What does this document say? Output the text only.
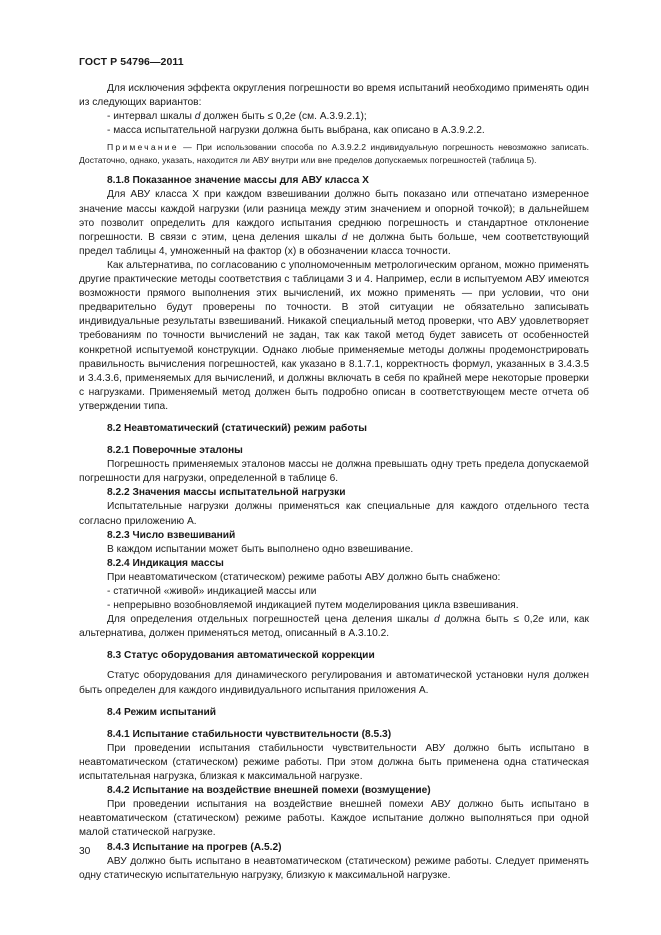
ГОСТ Р 54796—2011

Для исключения эффекта округления погрешности во время испытаний необходимо применять один из следующих вариантов:

- интервал шкалы d должен быть ≤ 0,2e (см. А.3.9.2.1);

- масса испытательной нагрузки должна быть выбрана, как описано в А.3.9.2.2.

Примечание — При использовании способа по А.3.9.2.2 индивидуальную погрешность невозможно записать. Достаточно, однако, указать, находится ли АВУ внутри или вне пределов допускаемых погрешностей (таблица 5).

8.1.8 Показанное значение массы для АВУ класса X

Для АВУ класса X при каждом взвешивании должно быть показано или отпечатано измеренное значение массы каждой нагрузки (или разница между этим значением и опорной точкой); в дальнейшем это позволит определить для каждого испытания среднюю погрешность и стандартное отклонение погрешности. В связи с этим, цена деления шкалы d не должна быть больше, чем соответствующий предел таблицы 4, умноженный на фактор (x) в обозначении класса точности.

Как альтернатива, по согласованию с уполномоченным метрологическим органом, можно применять другие практические методы соответствия с таблицами 3 и 4. Например, если в испытуемом АВУ имеются возможности прямого выполнения этих вычислений, их можно применять — при условии, что они предварительно будут проверены по точности. В этой ситуации не обязательно записывать индивидуальные результаты взвешиваний. Никакой специальный метод проверки, что АВУ удовлетворяет требованиям по точности вычислений не задан, так как такой метод будет зависеть от особенностей конкретной испытуемой конструкции. Однако любые применяемые методы должны продемонстрировать правильность вычисления погрешностей, как указано в 8.1.7.1, корректность формул, указанных в 3.4.3.5 и 3.4.3.6, применяемых для вычислений, и должны включать в себя по крайней мере некоторые проверки с нагрузками. Применяемый метод должен быть подробно описан в соответствующем месте отчета об утверждении типа.

8.2 Неавтоматический (статический) режим работы
8.2.1 Поверочные эталоны

Погрешность применяемых эталонов массы не должна превышать одну треть предела допускаемой погрешности для нагрузки, определенной в таблице 6.

8.2.2 Значения массы испытательной нагрузки

Испытательные нагрузки должны применяться как специальные для каждого отдельного теста согласно приложению А.

8.2.3 Число взвешиваний

В каждом испытании может быть выполнено одно взвешивание.

8.2.4 Индикация массы

При неавтоматическом (статическом) режиме работы АВУ должно быть снабжено:

- статичной «живой» индикацией массы или

- непрерывно возобновляемой индикацией путем моделирования цикла взвешивания.

Для определения отдельных погрешностей цена деления шкалы d должна быть ≤ 0,2e или, как альтернатива, должен применяться метод, описанный в А.3.10.2.

8.3 Статус оборудования автоматической коррекции

Статус оборудования для динамического регулирования и автоматической установки нуля должен быть определен для каждого индивидуального испытания приложения А.

8.4 Режим испытаний
8.4.1 Испытание стабильности чувствительности (8.5.3)

При проведении испытания стабильности чувствительности АВУ должно быть испытано в неавтоматическом (статическом) режиме работы. При этом должна быть применена одна статическая испытательная нагрузка, близкая к максимальной нагрузке.

8.4.2 Испытание на воздействие внешней помехи (возмущение)

При проведении испытания на воздействие внешней помехи АВУ должно быть испытано в неавтоматическом (статическом) режиме работы. Каждое испытание должно выполняться при одной малой статической нагрузке.

8.4.3 Испытание на прогрев (А.5.2)

АВУ должно быть испытано в неавтоматическом (статическом) режиме работы. Следует применять одну статическую испытательную нагрузку, близкую к максимальной нагрузке.

30
